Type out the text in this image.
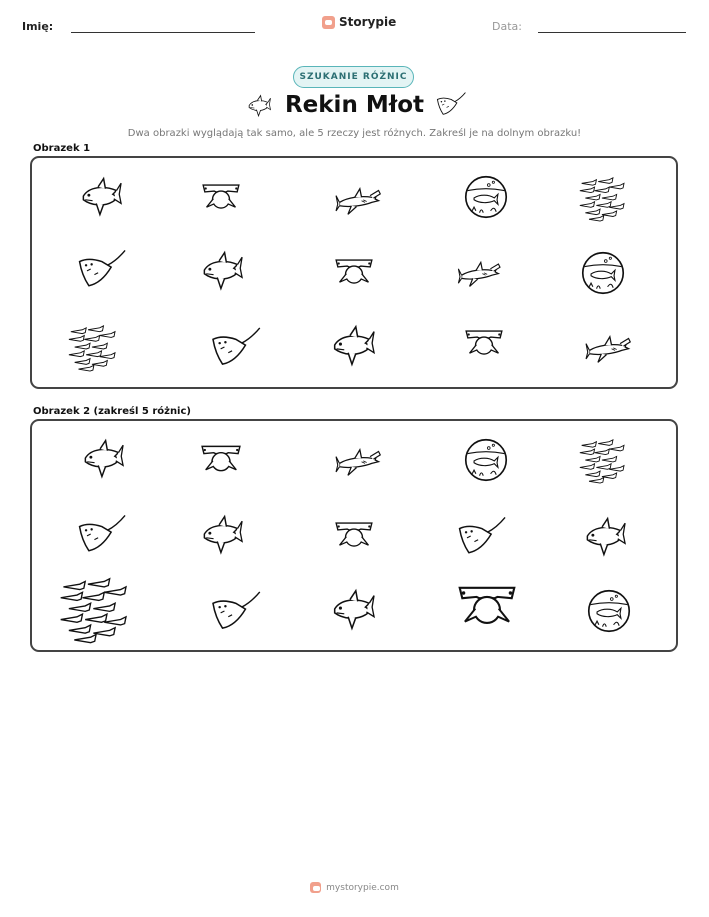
Imię:	Storypie	Data:
SZUKANIE RÓŻNIC
Rekin Młot
Dwa obrazki wyglądają tak samo, ale 5 rzeczy jest różnych. Zakreśl je na dolnym obrazku!
Obrazek 1
Obrazek 2 (zakreśl 5 różnic)
mystorypie.com
